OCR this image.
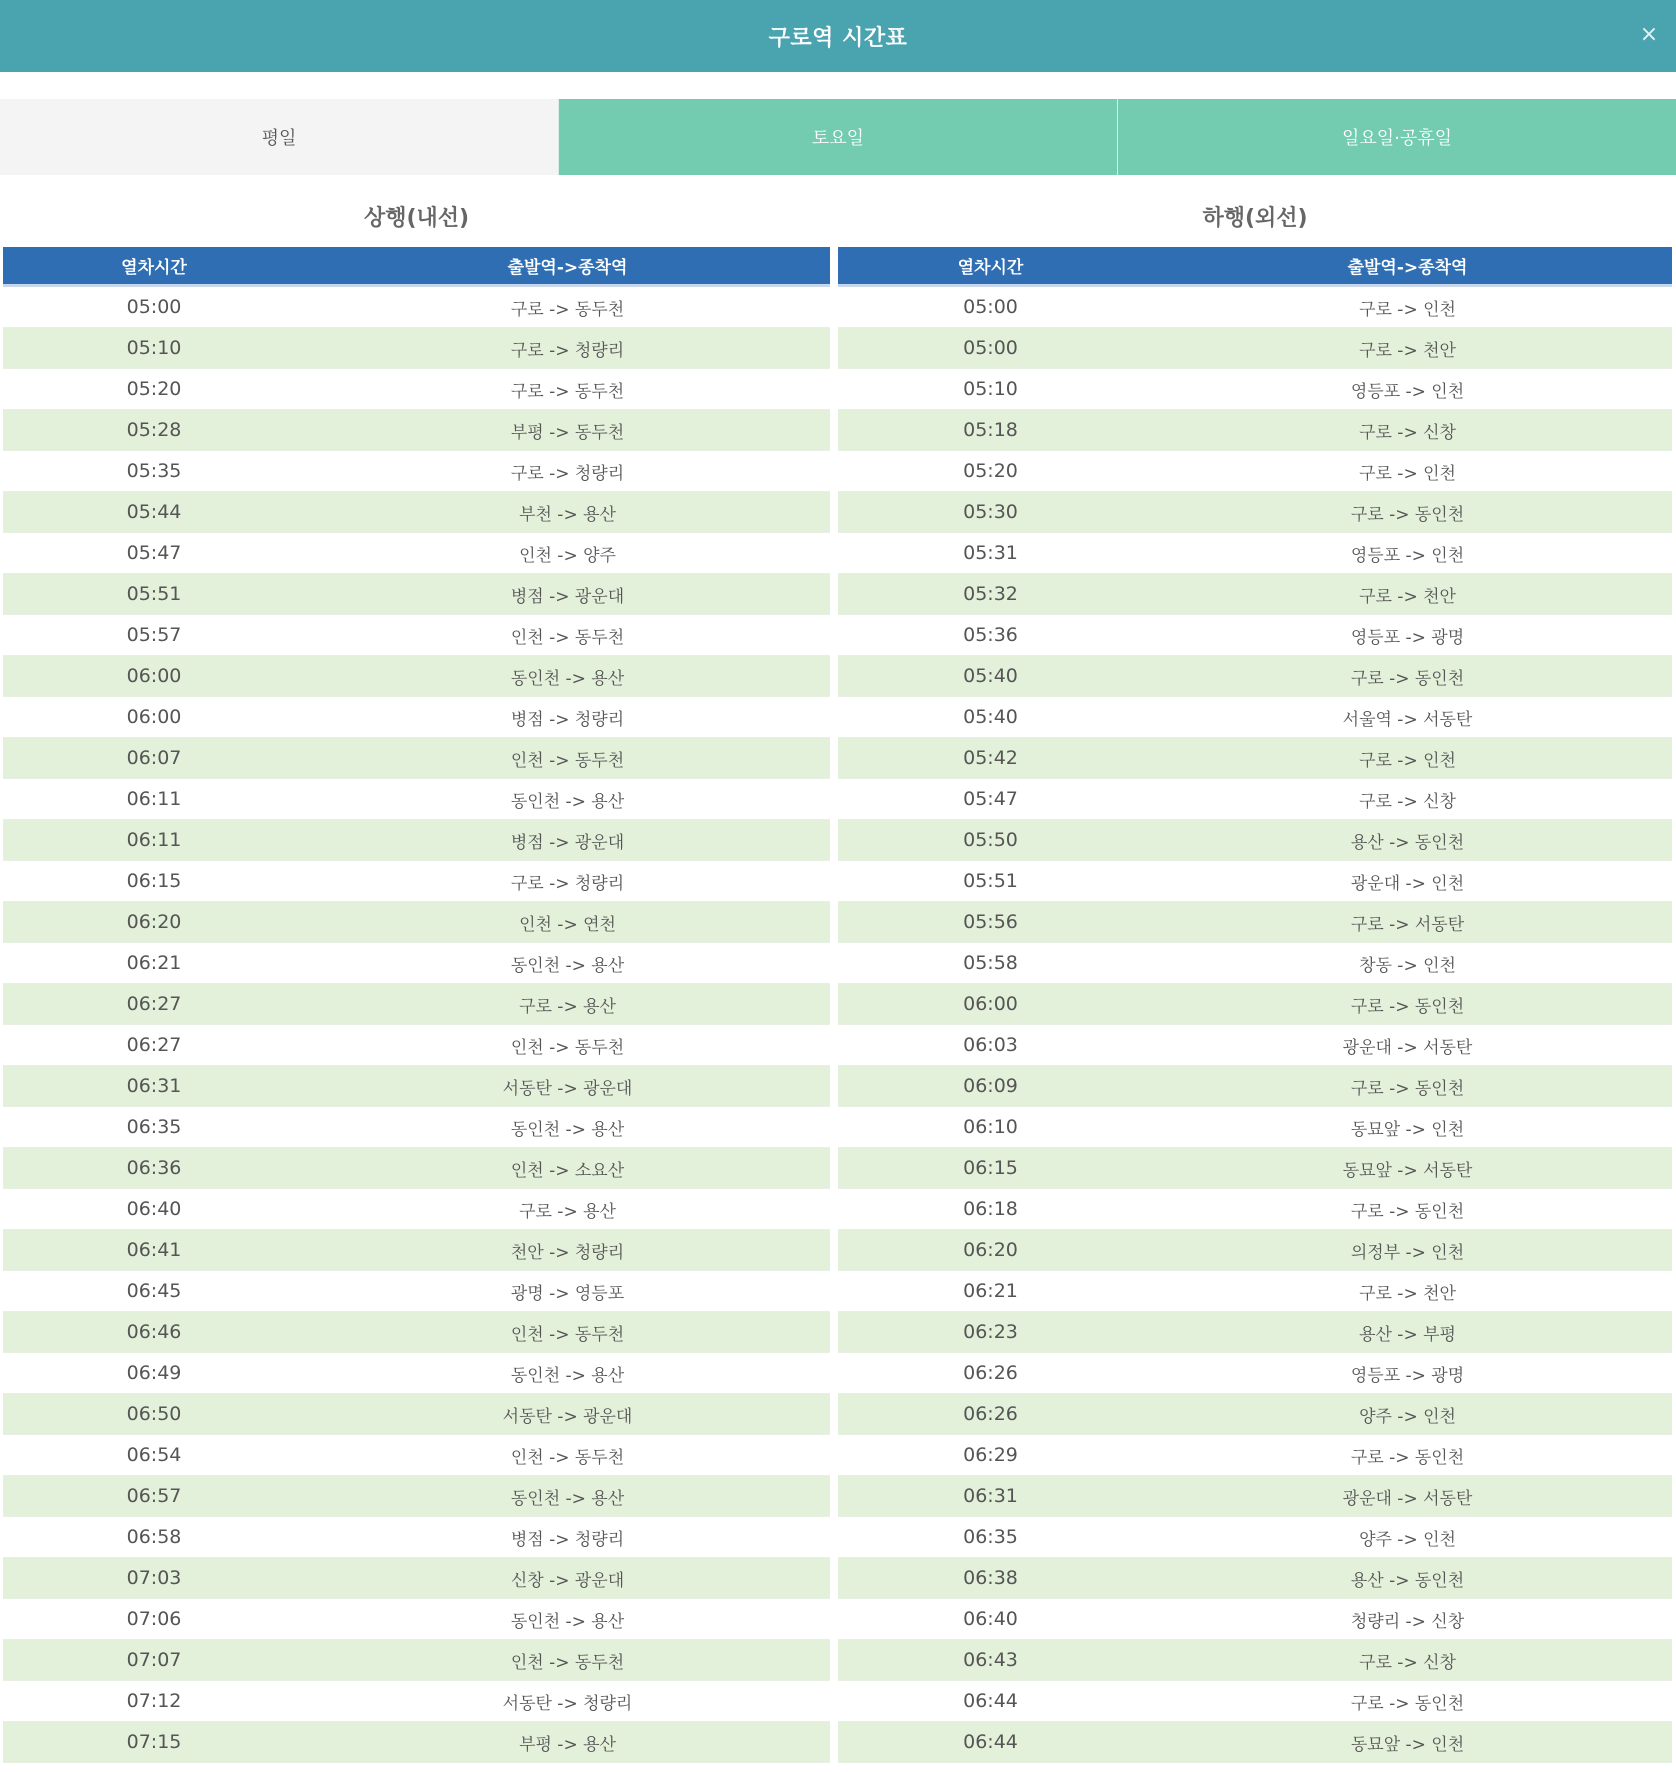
구로역 시간표	×
평일	토요일	일요일·공휴일
상행(내선)
열차시간	출발역->종착역
05:00	구로 -> 동두천
05:10	구로 -> 청량리
05:20	구로 -> 동두천
05:28	부평 -> 동두천
05:35	구로 -> 청량리
05:44	부천 -> 용산
05:47	인천 -> 양주
05:51	병점 -> 광운대
05:57	인천 -> 동두천
06:00	동인천 -> 용산
06:00	병점 -> 청량리
06:07	인천 -> 동두천
06:11	동인천 -> 용산
06:11	병점 -> 광운대
06:15	구로 -> 청량리
06:20	인천 -> 연천
06:21	동인천 -> 용산
06:27	구로 -> 용산
06:27	인천 -> 동두천
06:31	서동탄 -> 광운대
06:35	동인천 -> 용산
06:36	인천 -> 소요산
06:40	구로 -> 용산
06:41	천안 -> 청량리
06:45	광명 -> 영등포
06:46	인천 -> 동두천
06:49	동인천 -> 용산
06:50	서동탄 -> 광운대
06:54	인천 -> 동두천
06:57	동인천 -> 용산
06:58	병점 -> 청량리
07:03	신창 -> 광운대
07:06	동인천 -> 용산
07:07	인천 -> 동두천
07:12	서동탄 -> 청량리
07:15	부평 -> 용산
하행(외선)
열차시간	출발역->종착역
05:00	구로 -> 인천
05:00	구로 -> 천안
05:10	영등포 -> 인천
05:18	구로 -> 신창
05:20	구로 -> 인천
05:30	구로 -> 동인천
05:31	영등포 -> 인천
05:32	구로 -> 천안
05:36	영등포 -> 광명
05:40	구로 -> 동인천
05:40	서울역 -> 서동탄
05:42	구로 -> 인천
05:47	구로 -> 신창
05:50	용산 -> 동인천
05:51	광운대 -> 인천
05:56	구로 -> 서동탄
05:58	창동 -> 인천
06:00	구로 -> 동인천
06:03	광운대 -> 서동탄
06:09	구로 -> 동인천
06:10	동묘앞 -> 인천
06:15	동묘앞 -> 서동탄
06:18	구로 -> 동인천
06:20	의정부 -> 인천
06:21	구로 -> 천안
06:23	용산 -> 부평
06:26	영등포 -> 광명
06:26	양주 -> 인천
06:29	구로 -> 동인천
06:31	광운대 -> 서동탄
06:35	양주 -> 인천
06:38	용산 -> 동인천
06:40	청량리 -> 신창
06:43	구로 -> 신창
06:44	구로 -> 동인천
06:44	동묘앞 -> 인천
